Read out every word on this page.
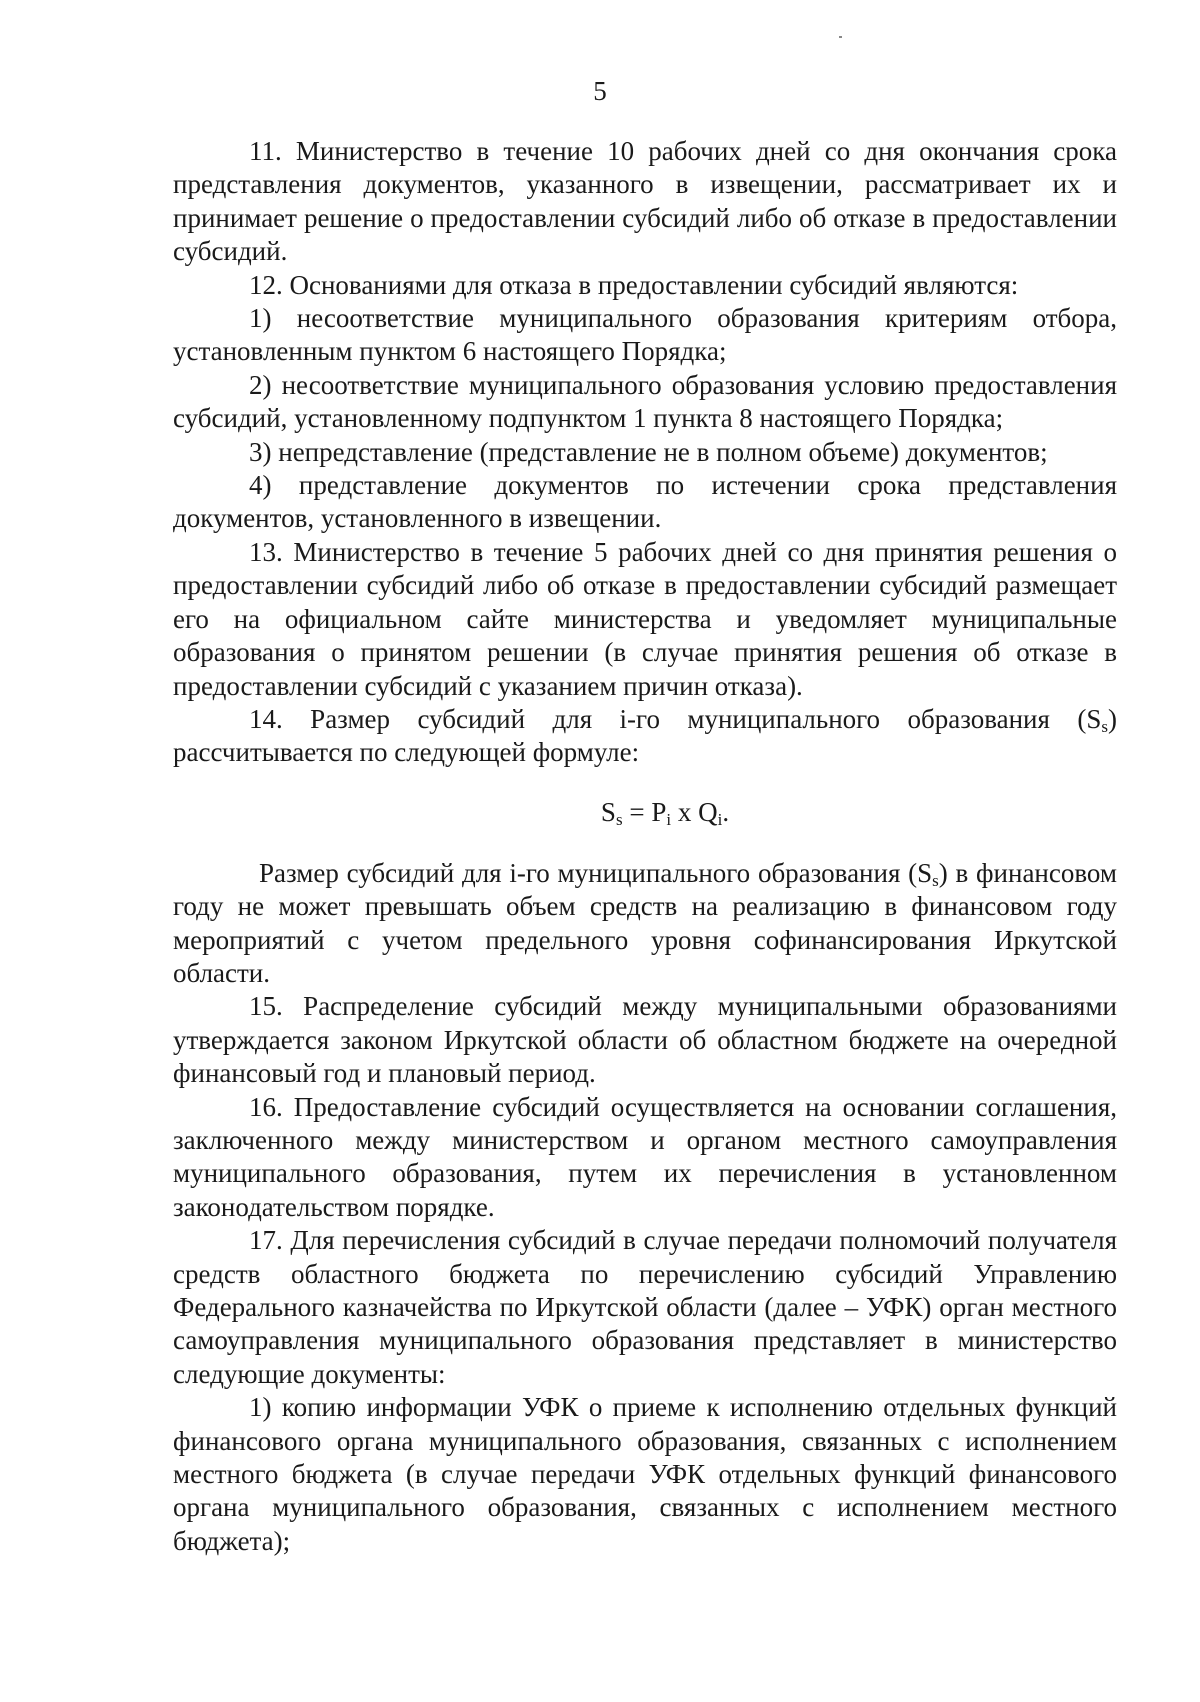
5

11. Министерство в течение 10 рабочих дней со дня окончания срока представления документов, указанного в извещении, рассматривает их и принимает решение о предоставлении субсидий либо об отказе в предоставлении субсидий.

12. Основаниями для отказа в предоставлении субсидий являются:

1) несоответствие муниципального образования критериям отбора, установленным пунктом 6 настоящего Порядка;

2) несоответствие муниципального образования условию предоставления субсидий, установленному подпунктом 1 пункта 8 настоящего Порядка;

3) непредставление (представление не в полном объеме) документов;

4) представление документов по истечении срока представления документов, установленного в извещении.

13. Министерство в течение 5 рабочих дней со дня принятия решения о предоставлении субсидий либо об отказе в предоставлении субсидий размещает его на официальном сайте министерства и уведомляет муниципальные образования о принятом решении (в случае принятия решения об отказе в предоставлении субсидий с указанием причин отказа).

14. Размер субсидий для i-го муниципального образования $(S_s)$ рассчитывается по следующей формуле:

$S_s = P_i$ x $Q_i$.

Размер субсидий для i-го муниципального образования $(S_s)$ в финансовом году не может превышать объем средств на реализацию в финансовом году мероприятий с учетом предельного уровня софинансирования Иркутской области.

15. Распределение субсидий между муниципальными образованиями утверждается законом Иркутской области об областном бюджете на очередной финансовый год и плановый период.

16. Предоставление субсидий осуществляется на основании соглашения, заключенного между министерством и органом местного самоуправления муниципального образования, путем их перечисления в установленном законодательством порядке.

17. Для перечисления субсидий в случае передачи полномочий получателя средств областного бюджета по перечислению субсидий Управлению Федерального казначейства по Иркутской области (далее – УФК) орган местного самоуправления муниципального образования представляет в министерство следующие документы:

1) копию информации УФК о приеме к исполнению отдельных функций финансового органа муниципального образования, связанных с исполнением местного бюджета (в случае передачи УФК отдельных функций финансового органа муниципального образования, связанных с исполнением местного бюджета);
